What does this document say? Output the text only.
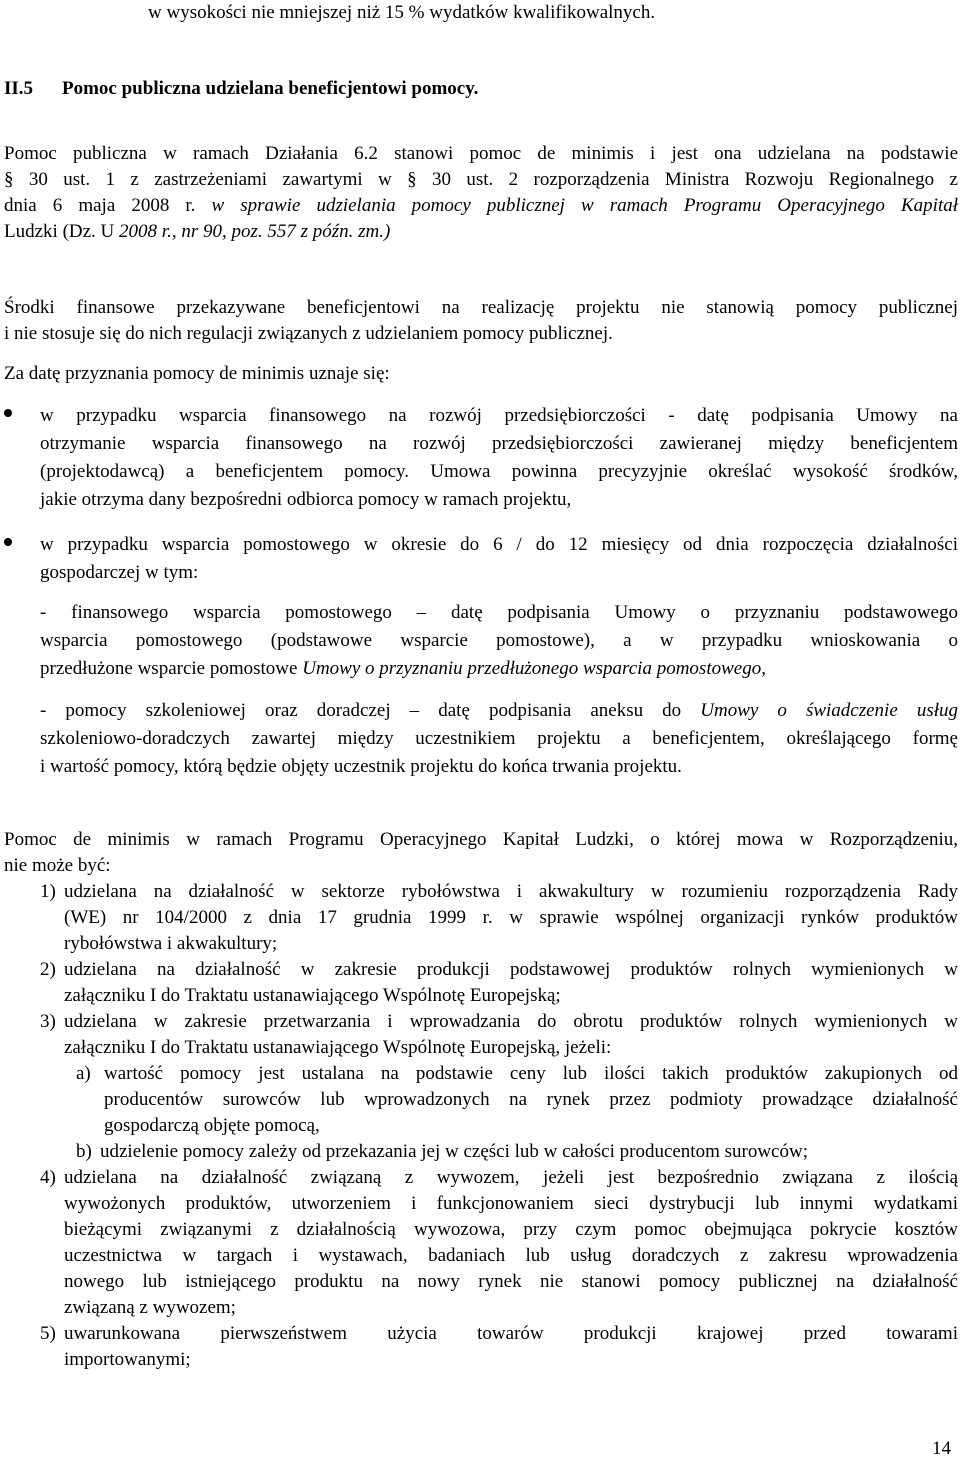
w wysokości nie mniejszej niż 15 % wydatków kwalifikowalnych.

II.5 Pomoc publiczna udzielana beneficjentowi pomocy.

Pomoc publiczna w ramach Działania 6.2 stanowi pomoc de minimis i jest ona udzielana na podstawie

§ 30 ust. 1 z zastrzeżeniami zawartymi w § 30 ust. 2 rozporządzenia Ministra Rozwoju Regionalnego z

dnia 6 maja 2008 r. w sprawie udzielania pomocy publicznej w ramach Programu Operacyjnego Kapitał

Ludzki (Dz. U 2008 r., nr 90, poz. 557 z późn. zm.)

Środki finansowe przekazywane beneficjentowi na realizację projektu nie stanowią pomocy publicznej

i nie stosuje się do nich regulacji związanych z udzielaniem pomocy publicznej.

Za datę przyznania pomocy de minimis uznaje się:

w przypadku wsparcia finansowego na rozwój przedsiębiorczości - datę podpisania Umowy na

otrzymanie wsparcia finansowego na rozwój przedsiębiorczości zawieranej między beneficjentem

(projektodawcą) a beneficjentem pomocy. Umowa powinna precyzyjnie określać wysokość środków,

jakie otrzyma dany bezpośredni odbiorca pomocy w ramach projektu,

w przypadku wsparcia pomostowego w okresie do 6 / do 12 miesięcy od dnia rozpoczęcia działalności

gospodarczej w tym:

- finansowego wsparcia pomostowego – datę podpisania Umowy o przyznaniu podstawowego

wsparcia pomostowego (podstawowe wsparcie pomostowe), a w przypadku wnioskowania o

przedłużone wsparcie pomostowe Umowy o przyznaniu przedłużonego wsparcia pomostowego,

- pomocy szkoleniowej oraz doradczej – datę podpisania aneksu do Umowy o świadczenie usług

szkoleniowo-doradczych zawartej między uczestnikiem projektu a beneficjentem, określającego formę

i wartość pomocy, którą będzie objęty uczestnik projektu do końca trwania projektu.

Pomoc de minimis w ramach Programu Operacyjnego Kapitał Ludzki, o której mowa w Rozporządzeniu,

nie może być:

1) udzielana na działalność w sektorze rybołówstwa i akwakultury w rozumieniu rozporządzenia Rady

(WE) nr 104/2000 z dnia 17 grudnia 1999 r. w sprawie wspólnej organizacji rynków produktów

rybołówstwa i akwakultury;

2) udzielana na działalność w zakresie produkcji podstawowej produktów rolnych wymienionych w

załączniku I do Traktatu ustanawiającego Wspólnotę Europejską;

3) udzielana w zakresie przetwarzania i wprowadzania do obrotu produktów rolnych wymienionych w

załączniku I do Traktatu ustanawiającego Wspólnotę Europejską, jeżeli:

a) wartość pomocy jest ustalana na podstawie ceny lub ilości takich produktów zakupionych od

producentów surowców lub wprowadzonych na rynek przez podmioty prowadzące działalność

gospodarczą objęte pomocą,

b) udzielenie pomocy zależy od przekazania jej w części lub w całości producentom surowców;

4) udzielana na działalność związaną z wywozem, jeżeli jest bezpośrednio związana z ilością

wywożonych produktów, utworzeniem i funkcjonowaniem sieci dystrybucji lub innymi wydatkami

bieżącymi związanymi z działalnością wywozowa, przy czym pomoc obejmująca pokrycie kosztów

uczestnictwa w targach i wystawach, badaniach lub usług doradczych z zakresu wprowadzenia

nowego lub istniejącego produktu na nowy rynek nie stanowi pomocy publicznej na działalność

związaną z wywozem;

5) uwarunkowana pierwszeństwem użycia towarów produkcji krajowej przed towarami

importowanymi;

14
